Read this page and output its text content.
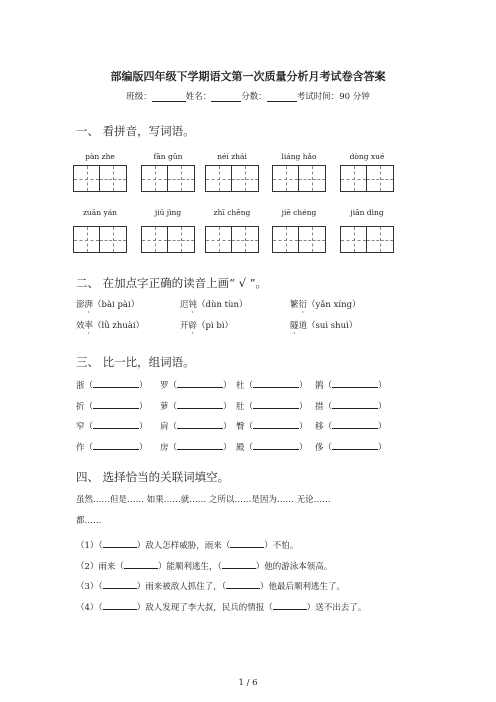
部编版四年级下学期语文第一次质量分析月考试卷含答案
班级：	姓名：	分数：	考试时间：90 分钟
一、 看拼音，写词语。
pàn zhe	fān gǔn	néi zhái	liáng hǎo	dòng xué
zuān yán	jiǔ jìng	zhī chēng	jiē chéng	jiān dìng
二、 在加点字正确的读音上画“ √ ”。
澎湃（bài pài）	迟钝（dùn tùn）	繁衍（yǎn xíng）
效率（lǜ zhuài）	开辟（pì bì）	隧道（suì shuì）
三、 比一比，组词语。
浙（	） 罗（	） 杜（	） 鹊（	）
折（	） 萝（	） 肚（	） 措（	）
窄（	） 肩（	） 臀（	） 移（	）
作（	） 房（	） 殿（	） 侈（	）
四、 选择恰当的关联词填空。
虽然……但是…… 如果……就…… 之所以……是因为…… 无论……
都……
（1）（	）敌人怎样威胁，雨来（	）不怕。
（2）雨来（	）能顺利逃生，（	）他的游泳本领高。
（3）（	）雨来被敌人抓住了，（	）他最后顺利逃生了。
（4）（	）敌人发现了李大叔，民兵的情报（	）送不出去了。
1 / 6
